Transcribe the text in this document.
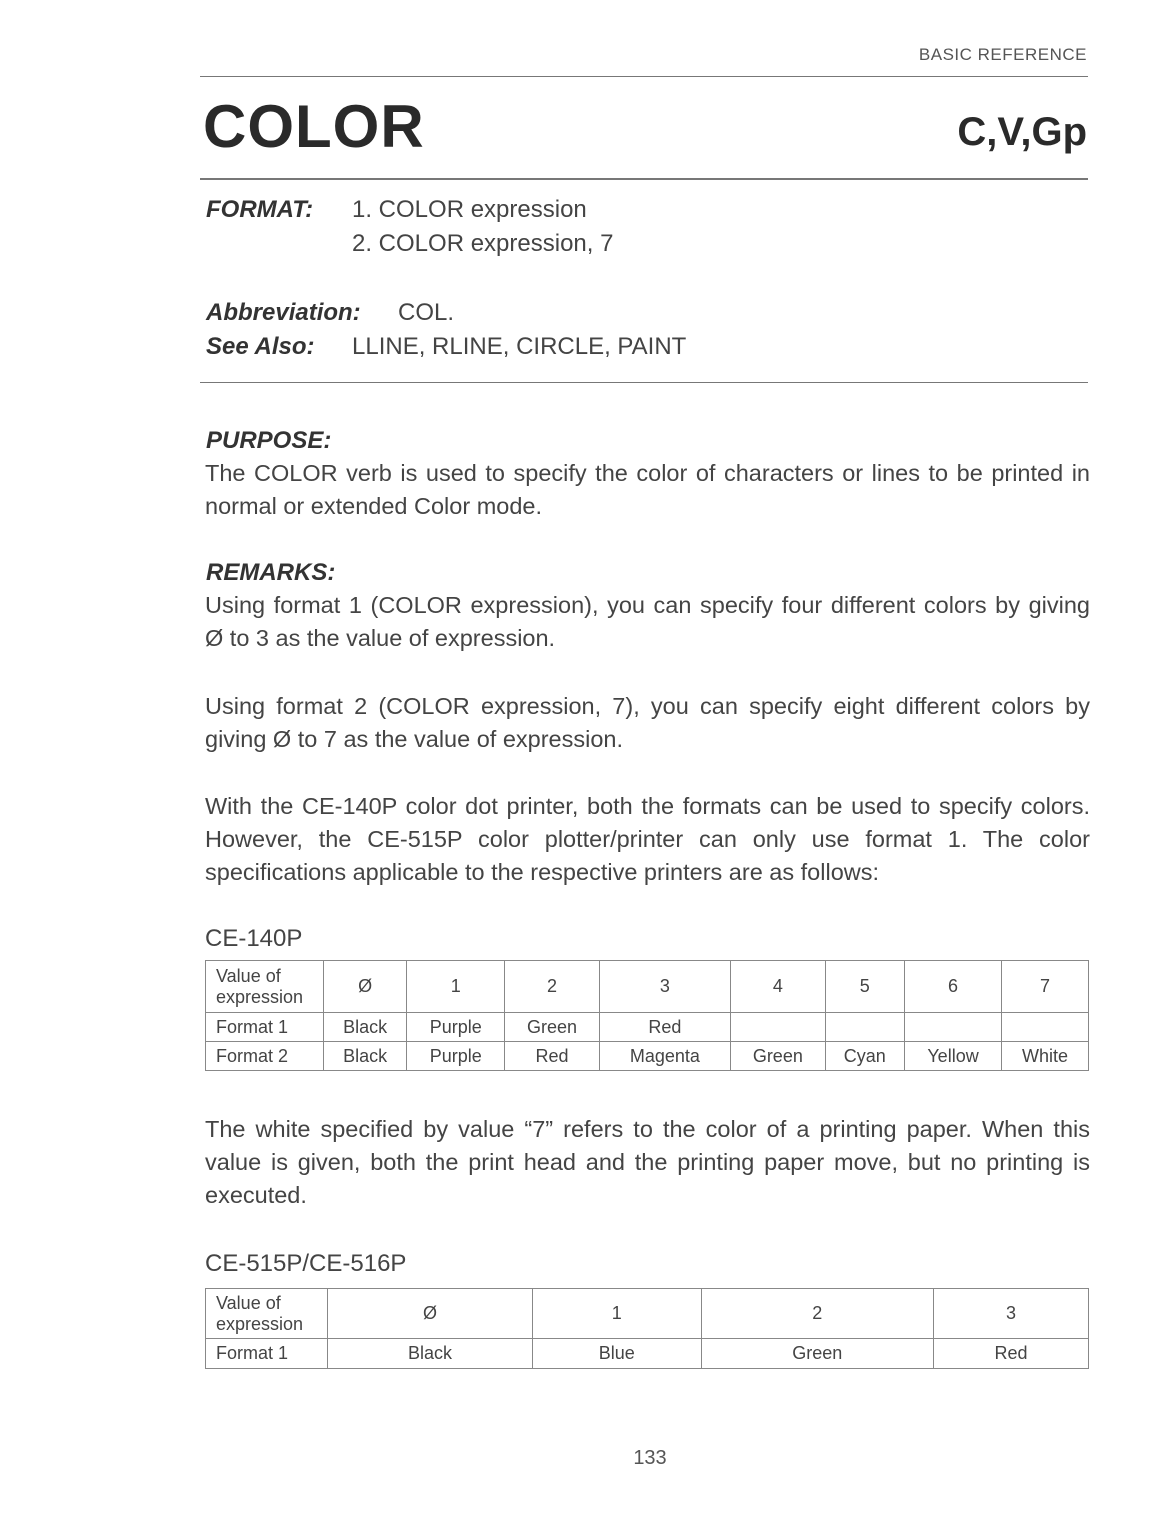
BASIC REFERENCE
COLOR	C,V,Gp
FORMAT: 1. COLOR expression
2. COLOR expression, 7
Abbreviation: COL.
See Also: LLINE, RLINE, CIRCLE, PAINT
PURPOSE:
The COLOR verb is used to specify the color of characters or lines to be printed in normal or extended Color mode.
REMARKS:
Using format 1 (COLOR expression), you can specify four different colors by giving Ø to 3 as the value of expression.
Using format 2 (COLOR expression, 7), you can specify eight different colors by giving Ø to 7 as the value of expression.
With the CE-140P color dot printer, both the formats can be used to specify colors. However, the CE-515P color plotter/printer can only use format 1. The color specifications applicable to the respective printers are as follows:
CE-140P
Value of expression	Ø	1	2	3	4	5	6	7
Format 1	Black	Purple	Green	Red				
Format 2	Black	Purple	Red	Magenta	Green	Cyan	Yellow	White
The white specified by value “7” refers to the color of a printing paper. When this value is given, both the print head and the printing paper move, but no printing is executed.
CE-515P/CE-516P
Value of expression	Ø	1	2	3
Format 1	Black	Blue	Green	Red
133
